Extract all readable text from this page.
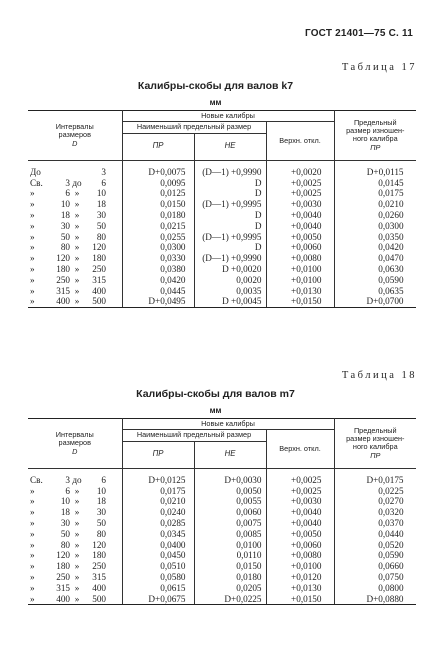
ГОСТ 21401—75 С. 11
Таблица 17
Калибры-скобы для валов k7
мм
Интервалы
размеров
D	Новые калибры			Предельный
размер изношен-
ного калибра
ПР
	Наименьший предельный размер		Верхн. откл.	
	ПР	НЕ		
До 3	D+0,0075	(D—1) +0,9990	+0,0020	D+0,0115
Св. 3 до 6	0,0095	D	+0,0025	0,0145
» 6 » 10	0,0125	D	+0,0025	0,0175
» 10 » 18	0,0150	(D—1) +0,9995	+0,0030	0,0210
» 18 » 30	0,0180	D	+0,0040	0,0260
» 30 » 50	0,0215	D	+0,0040	0,0300
» 50 » 80	0,0255	(D—1) +0,9995	+0,0050	0,0350
» 80 » 120	0,0300	D	+0,0060	0,0420
» 120 » 180	0,0330	(D—1) +0,9990	+0,0080	0,0470
» 180 » 250	0,0380	D +0,0020	+0,0100	0,0630
» 250 » 315	0,0420	0,0020	+0,0100	0,0590
» 315 » 400	0,0445	0,0035	+0,0130	0,0635
» 400 » 500	D+0,0495	D +0,0045	+0,0150	D+0,0700
Таблица 18
Калибры-скобы для валов m7
мм
Интервалы
размеров
D	Новые калибры			Предельный
размер изношен-
ного калибра
ПР
	Наименьший предельный размер		Верхн. откл.	
	ПР	НЕ		
Св. 3 до 6	D+0,0125	D+0,0030	+0,0025	D+0,0175
» 6 » 10	0,0175	0,0050	+0,0025	0,0225
» 10 » 18	0,0210	0,0055	+0,0030	0,0270
» 18 » 30	0,0240	0,0060	+0,0040	0,0320
» 30 » 50	0,0285	0,0075	+0,0040	0,0370
» 50 » 80	0,0345	0,0085	+0,0050	0,0440
» 80 » 120	0,0400	0,0100	+0,0060	0,0520
» 120 » 180	0,0450	0,0110	+0,0080	0,0590
» 180 » 250	0,0510	0,0150	+0,0100	0,0660
» 250 » 315	0,0580	0,0180	+0,0120	0,0750
» 315 » 400	0,0615	0,0205	+0,0130	0,0800
» 400 » 500	D+0,0675	D+0,0225	+0,0150	D+0,0880
